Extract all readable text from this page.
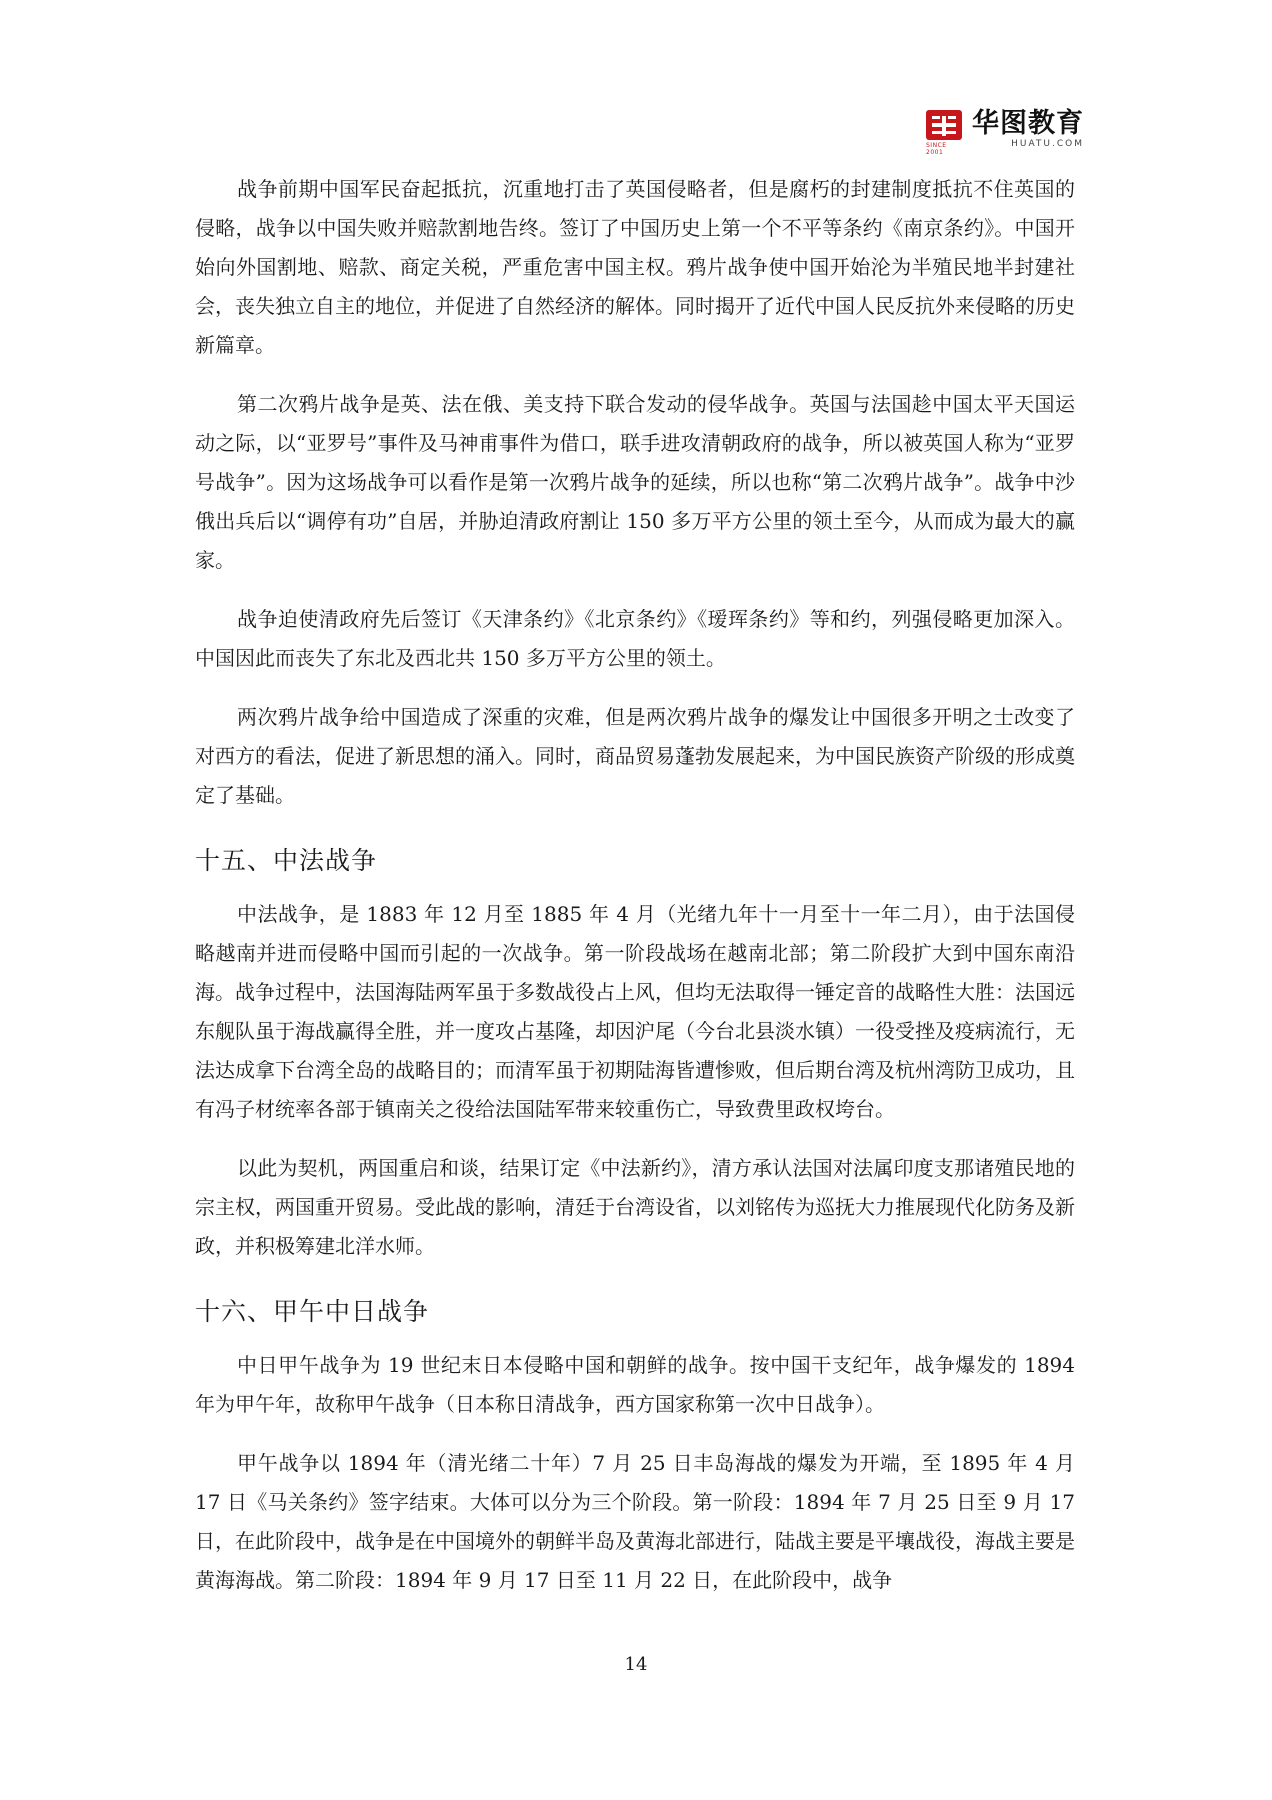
SINCE 2001
华图教育
HUATU.COM

战争前期中国军民奋起抵抗，沉重地打击了英国侵略者，但是腐朽的封建制度抵抗不住英国的侵略，战争以中国失败并赔款割地告终。签订了中国历史上第一个不平等条约《南京条约》。中国开始向外国割地、赔款、商定关税，严重危害中国主权。鸦片战争使中国开始沦为半殖民地半封建社会，丧失独立自主的地位，并促进了自然经济的解体。同时揭开了近代中国人民反抗外来侵略的历史新篇章。

第二次鸦片战争是英、法在俄、美支持下联合发动的侵华战争。英国与法国趁中国太平天国运动之际，以“亚罗号”事件及马神甫事件为借口，联手进攻清朝政府的战争，所以被英国人称为“亚罗号战争”。因为这场战争可以看作是第一次鸦片战争的延续，所以也称“第二次鸦片战争”。战争中沙俄出兵后以“调停有功”自居，并胁迫清政府割让 150 多万平方公里的领土至今，从而成为最大的赢家。

战争迫使清政府先后签订《天津条约》《北京条约》《瑷珲条约》等和约，列强侵略更加深入。中国因此而丧失了东北及西北共 150 多万平方公里的领土。

两次鸦片战争给中国造成了深重的灾难，但是两次鸦片战争的爆发让中国很多开明之士改变了对西方的看法，促进了新思想的涌入。同时，商品贸易蓬勃发展起来，为中国民族资产阶级的形成奠定了基础。

十五、中法战争

中法战争，是 1883 年 12 月至 1885 年 4 月（光绪九年十一月至十一年二月），由于法国侵略越南并进而侵略中国而引起的一次战争。第一阶段战场在越南北部；第二阶段扩大到中国东南沿海。战争过程中，法国海陆两军虽于多数战役占上风，但均无法取得一锤定音的战略性大胜：法国远东舰队虽于海战赢得全胜，并一度攻占基隆，却因沪尾（今台北县淡水镇）一役受挫及疫病流行，无法达成拿下台湾全岛的战略目的；而清军虽于初期陆海皆遭惨败，但后期台湾及杭州湾防卫成功，且有冯子材统率各部于镇南关之役给法国陆军带来较重伤亡，导致费里政权垮台。

以此为契机，两国重启和谈，结果订定《中法新约》，清方承认法国对法属印度支那诸殖民地的宗主权，两国重开贸易。受此战的影响，清廷于台湾设省，以刘铭传为巡抚大力推展现代化防务及新政，并积极筹建北洋水师。

十六、甲午中日战争

中日甲午战争为 19 世纪末日本侵略中国和朝鲜的战争。按中国干支纪年，战争爆发的 1894 年为甲午年，故称甲午战争（日本称日清战争，西方国家称第一次中日战争）。

甲午战争以 1894 年（清光绪二十年）7 月 25 日丰岛海战的爆发为开端，至 1895 年 4 月 17 日《马关条约》签字结束。大体可以分为三个阶段。第一阶段：1894 年 7 月 25 日至 9 月 17 日，在此阶段中，战争是在中国境外的朝鲜半岛及黄海北部进行，陆战主要是平壤战役，海战主要是黄海海战。第二阶段：1894 年 9 月 17 日至 11 月 22 日，在此阶段中，战争

14
